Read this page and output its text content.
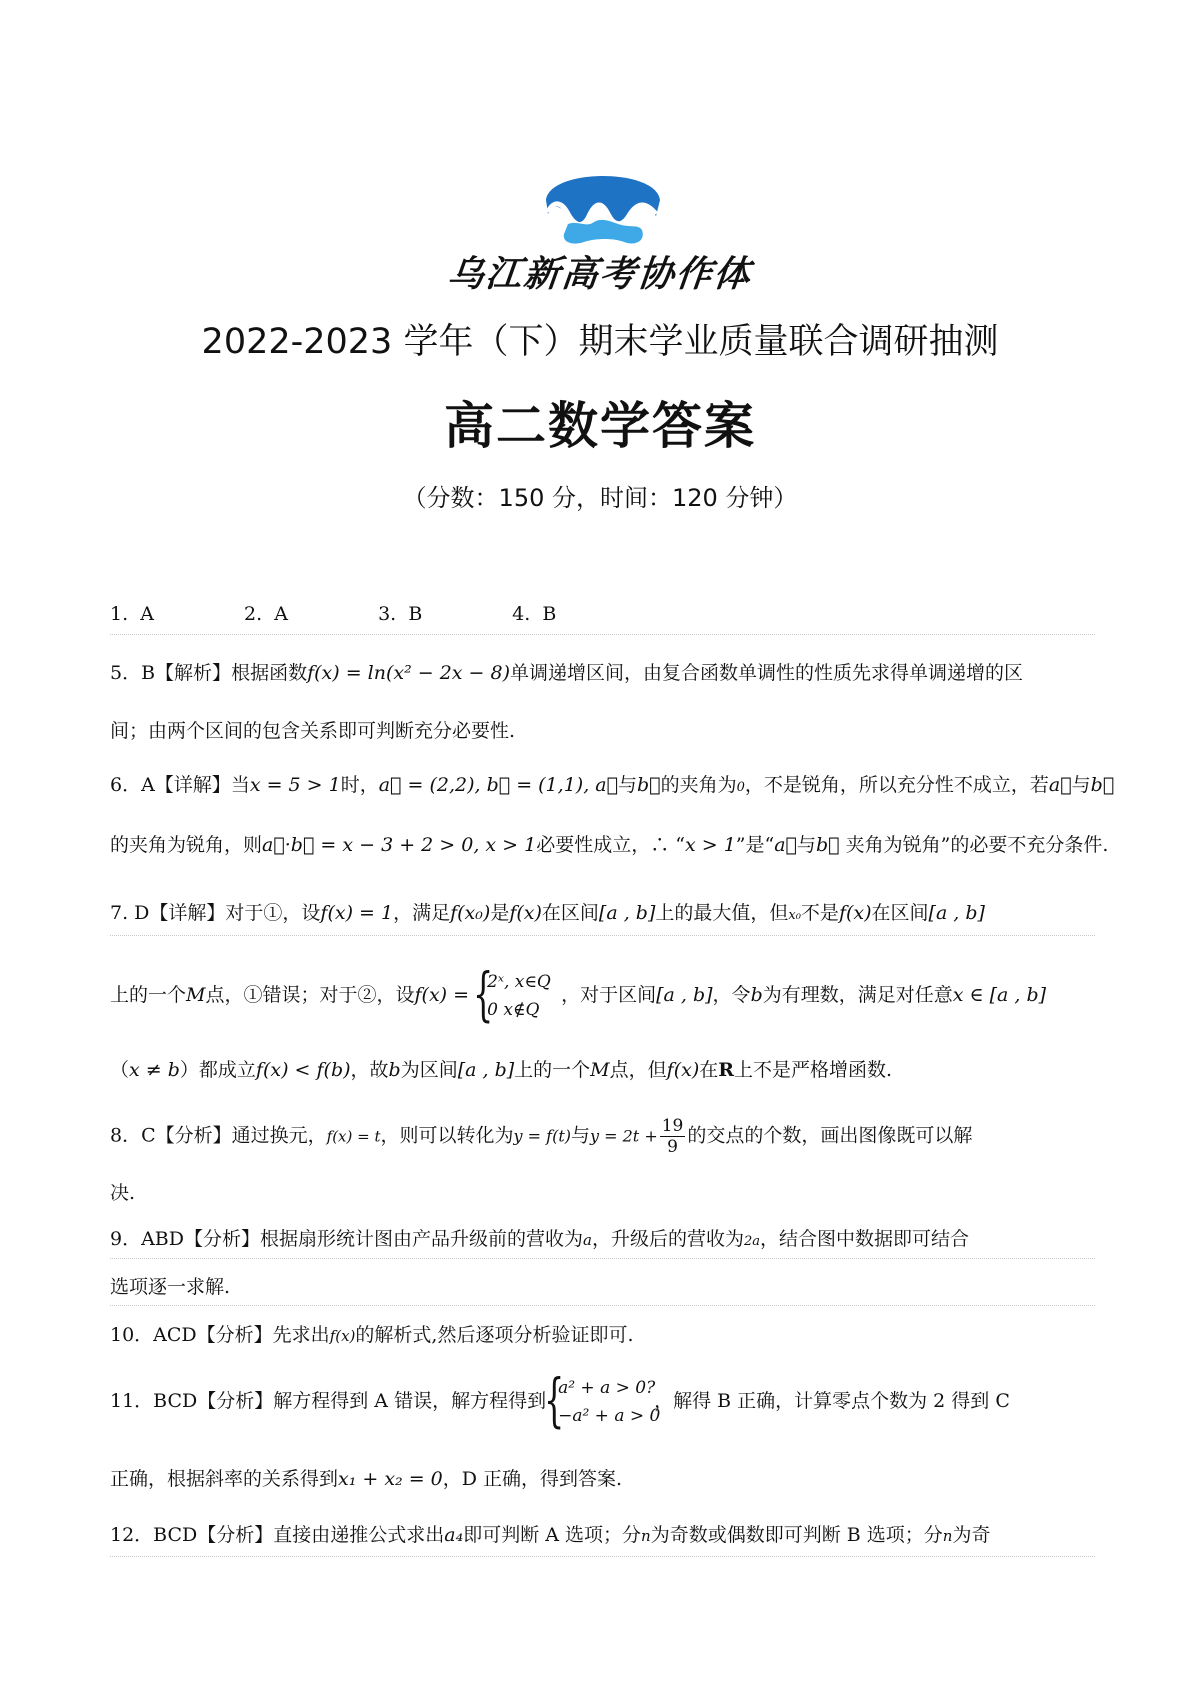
乌江新高考协作体
2022-2023 学年（下）期末学业质量联合调研抽测
高二数学答案
（分数：150 分，时间：120 分钟）
1. A	2. A	3. B	4. B
5．B【解析】根据函数f(x) = ln(x² − 2x − 8)单调递增区间，由复合函数单调性的性质先求得单调递增的区
间；由两个区间的包含关系即可判断充分必要性.
6．A【详解】当x = 5 > 1时，a⃗ = (2,2), b⃗ = (1,1), a⃗与b⃗的夹角为0，不是锐角，所以充分性不成立，若a⃗与b⃗
的夹角为锐角，则a⃗·b⃗ = x − 3 + 2 > 0, x > 1必要性成立，∴ “x > 1”是“a⃗与b⃗ 夹角为锐角”的必要不充分条件.
7. D【详解】对于①，设f(x) = 1，满足f(x₀)是f(x)在区间[a , b]上的最大值，但x₀不是f(x)在区间[a , b]
上的一个M点，①错误；对于②，设f(x) =
{ 2ˣ, x∈Q
0 x∉Q
，对于区间[a , b]，令b为有理数，满足对任意x ∈ [a , b]
（x ≠ b）都成立f(x) < f(b)，故b为区间[a , b]上的一个M点，但f(x)在R上不是严格增函数.
8．C【分析】通过换元，f(x) = t，则可以转化为y = f(t)与$y = 2t + \frac{19}{9}$ 的交点的个数，画出图像既可以解
决.
9．ABD【分析】根据扇形统计图由产品升级前的营收为a，升级后的营收为2a，结合图中数据即可结合
选项逐一求解.
10．ACD【分析】先求出f(x)的解析式,然后逐项分析验证即可.
11．BCD【分析】解方程得到 A 错误，解方程得到
{ a² + a > 0?
−a² + a > 0
，解得 B 正确，计算零点个数为 2 得到 C
正确，根据斜率的关系得到x₁ + x₂ = 0，D 正确，得到答案.
12．BCD【分析】直接由递推公式求出a₄即可判断 A 选项；分n为奇数或偶数即可判断 B 选项；分n为奇
